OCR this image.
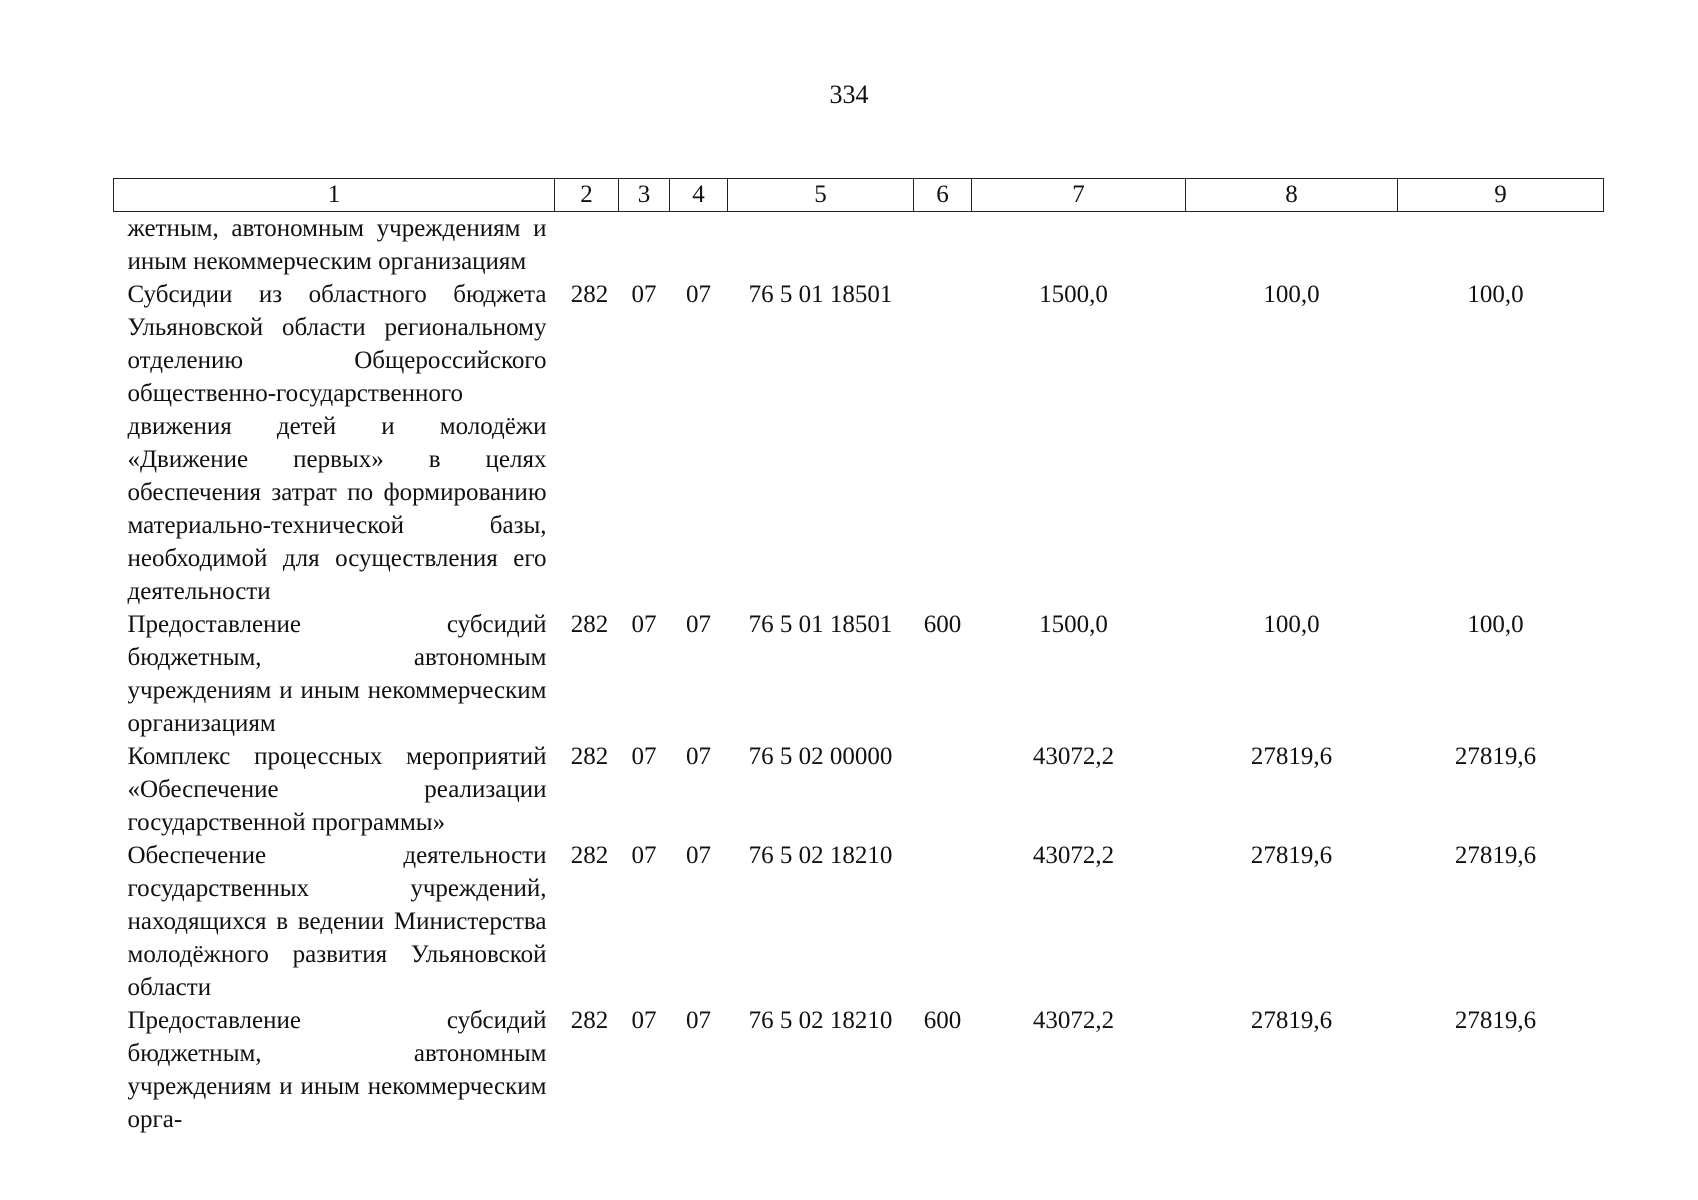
334
1	2	3	4	5	6	7	8	9
жетным, автономным учреждениям и иным некоммерческим организациям								
Субсидии из областного бюджета Ульяновской области региональному отделению Общероссийского общественно-государственного движения детей и молодёжи «Движение первых» в целях обеспечения затрат по формированию материально-технической базы, необходимой для осуществления его деятельности	282	07	07	76 5 01 18501		1500,0	100,0	100,0
Предоставление субсидий бюджетным, автономным учреждениям и иным некоммерческим организациям	282	07	07	76 5 01 18501	600	1500,0	100,0	100,0
Комплекс процессных мероприятий «Обеспечение реализации государственной программы»	282	07	07	76 5 02 00000		43072,2	27819,6	27819,6
Обеспечение деятельности государственных учреждений, находящихся в ведении Министерства молодёжного развития Ульяновской области	282	07	07	76 5 02 18210		43072,2	27819,6	27819,6
Предоставление субсидий бюджетным, автономным учреждениям и иным некоммерческим орга-	282	07	07	76 5 02 18210	600	43072,2	27819,6	27819,6
